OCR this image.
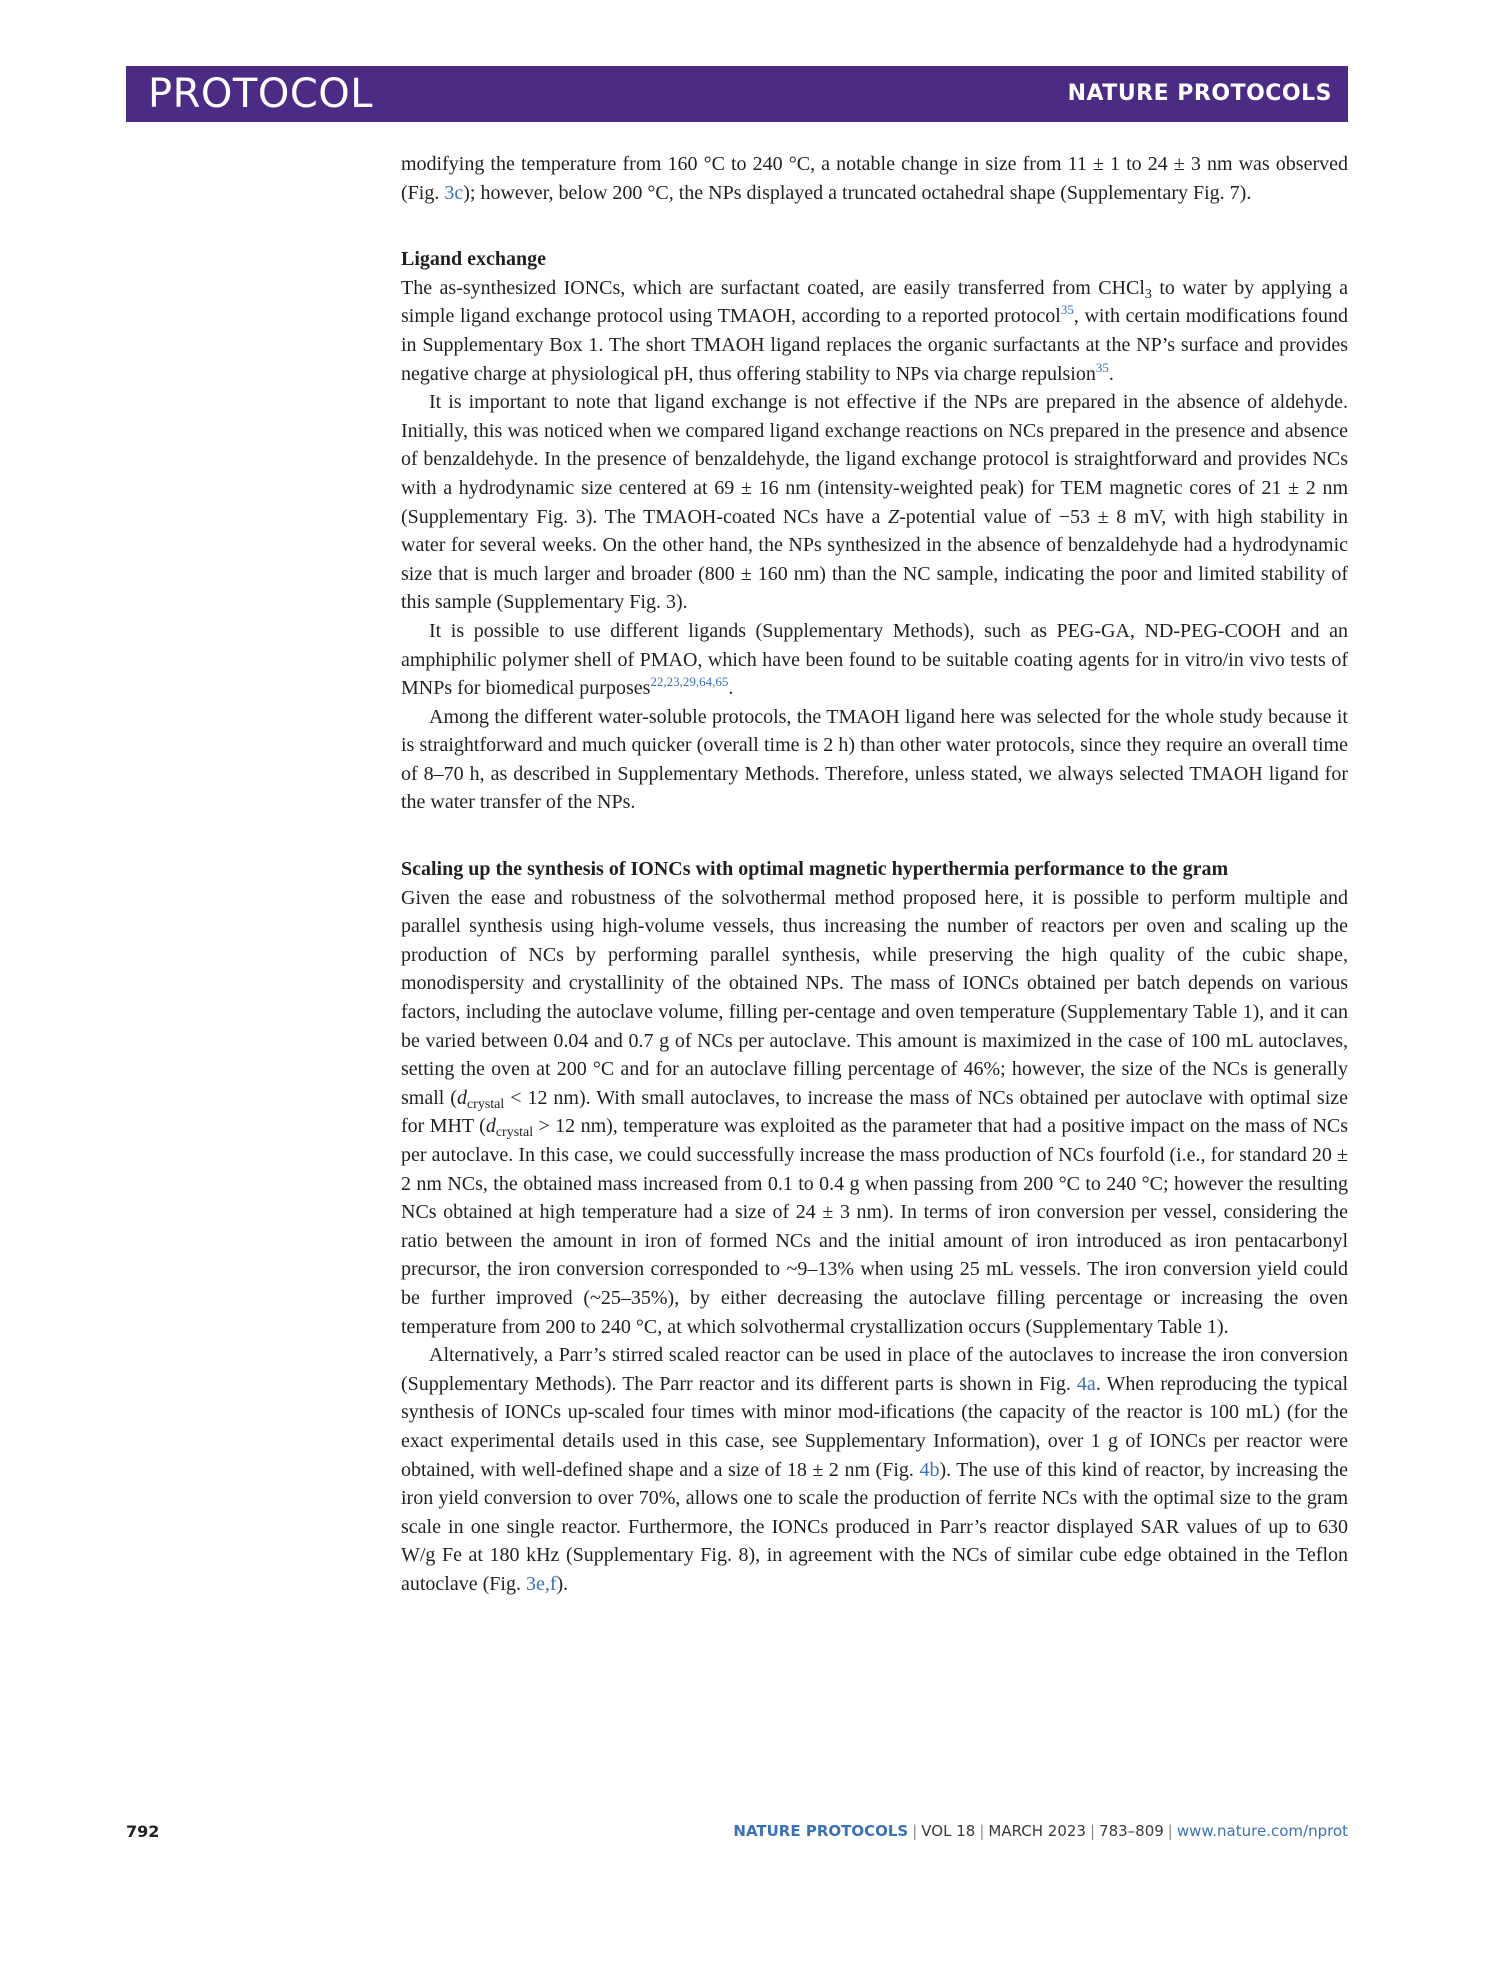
PROTOCOL	NATURE PROTOCOLS

modifying the temperature from 160 °C to 240 °C, a notable change in size from 11 ± 1 to 24 ± 3 nm was observed (Fig. 3c); however, below 200 °C, the NPs displayed a truncated octahedral shape (Supplementary Fig. 7).

Ligand exchange

The as-synthesized IONCs, which are surfactant coated, are easily transferred from CHCl$_3$ to water by applying a simple ligand exchange protocol using TMAOH, according to a reported protocol$^{35}$, with certain modifications found in Supplementary Box 1. The short TMAOH ligand replaces the organic surfactants at the NP’s surface and provides negative charge at physiological pH, thus offering stability to NPs via charge repulsion$^{35}$.

It is important to note that ligand exchange is not effective if the NPs are prepared in the absence of aldehyde. Initially, this was noticed when we compared ligand exchange reactions on NCs prepared in the presence and absence of benzaldehyde. In the presence of benzaldehyde, the ligand exchange protocol is straightforward and provides NCs with a hydrodynamic size centered at 69 ± 16 nm (intensity-weighted peak) for TEM magnetic cores of 21 ± 2 nm (Supplementary Fig. 3). The TMAOH-coated NCs have a Z-potential value of −53 ± 8 mV, with high stability in water for several weeks. On the other hand, the NPs synthesized in the absence of benzaldehyde had a hydrodynamic size that is much larger and broader (800 ± 160 nm) than the NC sample, indicating the poor and limited stability of this sample (Supplementary Fig. 3).

It is possible to use different ligands (Supplementary Methods), such as PEG-GA, ND-PEG-COOH and an amphiphilic polymer shell of PMAO, which have been found to be suitable coating agents for in vitro/in vivo tests of MNPs for biomedical purposes$^{22,23,29,64,65}$.

Among the different water-soluble protocols, the TMAOH ligand here was selected for the whole study because it is straightforward and much quicker (overall time is 2 h) than other water protocols, since they require an overall time of 8–70 h, as described in Supplementary Methods. Therefore, unless stated, we always selected TMAOH ligand for the water transfer of the NPs.

Scaling up the synthesis of IONCs with optimal magnetic hyperthermia performance to the gram

Given the ease and robustness of the solvothermal method proposed here, it is possible to perform multiple and parallel synthesis using high-volume vessels, thus increasing the number of reactors per oven and scaling up the production of NCs by performing parallel synthesis, while preserving the high quality of the cubic shape, monodispersity and crystallinity of the obtained NPs. The mass of IONCs obtained per batch depends on various factors, including the autoclave volume, filling per-centage and oven temperature (Supplementary Table 1), and it can be varied between 0.04 and 0.7 g of NCs per autoclave. This amount is maximized in the case of 100 mL autoclaves, setting the oven at 200 °C and for an autoclave filling percentage of 46%; however, the size of the NCs is generally small ($d_{crystal} < 12$ nm). With small autoclaves, to increase the mass of NCs obtained per autoclave with optimal size for MHT ($d_{crystal} > 12$ nm), temperature was exploited as the parameter that had a positive impact on the mass of NCs per autoclave. In this case, we could successfully increase the mass production of NCs fourfold (i.e., for standard 20 ± 2 nm NCs, the obtained mass increased from 0.1 to 0.4 g when passing from 200 °C to 240 °C; however the resulting NCs obtained at high temperature had a size of 24 ± 3 nm). In terms of iron conversion per vessel, considering the ratio between the amount in iron of formed NCs and the initial amount of iron introduced as iron pentacarbonyl precursor, the iron conversion corresponded to ~9–13% when using 25 mL vessels. The iron conversion yield could be further improved (~25–35%), by either decreasing the autoclave filling percentage or increasing the oven temperature from 200 to 240 °C, at which solvothermal crystallization occurs (Supplementary Table 1).

Alternatively, a Parr’s stirred scaled reactor can be used in place of the autoclaves to increase the iron conversion (Supplementary Methods). The Parr reactor and its different parts is shown in Fig. 4a. When reproducing the typical synthesis of IONCs up-scaled four times with minor mod-ifications (the capacity of the reactor is 100 mL) (for the exact experimental details used in this case, see Supplementary Information), over 1 g of IONCs per reactor were obtained, with well-defined shape and a size of 18 ± 2 nm (Fig. 4b). The use of this kind of reactor, by increasing the iron yield conversion to over 70%, allows one to scale the production of ferrite NCs with the optimal size to the gram scale in one single reactor. Furthermore, the IONCs produced in Parr’s reactor displayed SAR values of up to 630 W/g Fe at 180 kHz (Supplementary Fig. 8), in agreement with the NCs of similar cube edge obtained in the Teflon autoclave (Fig. 3e,f).

792	NATURE PROTOCOLS | VOL 18 | MARCH 2023 | 783–809 | www.nature.com/nprot
